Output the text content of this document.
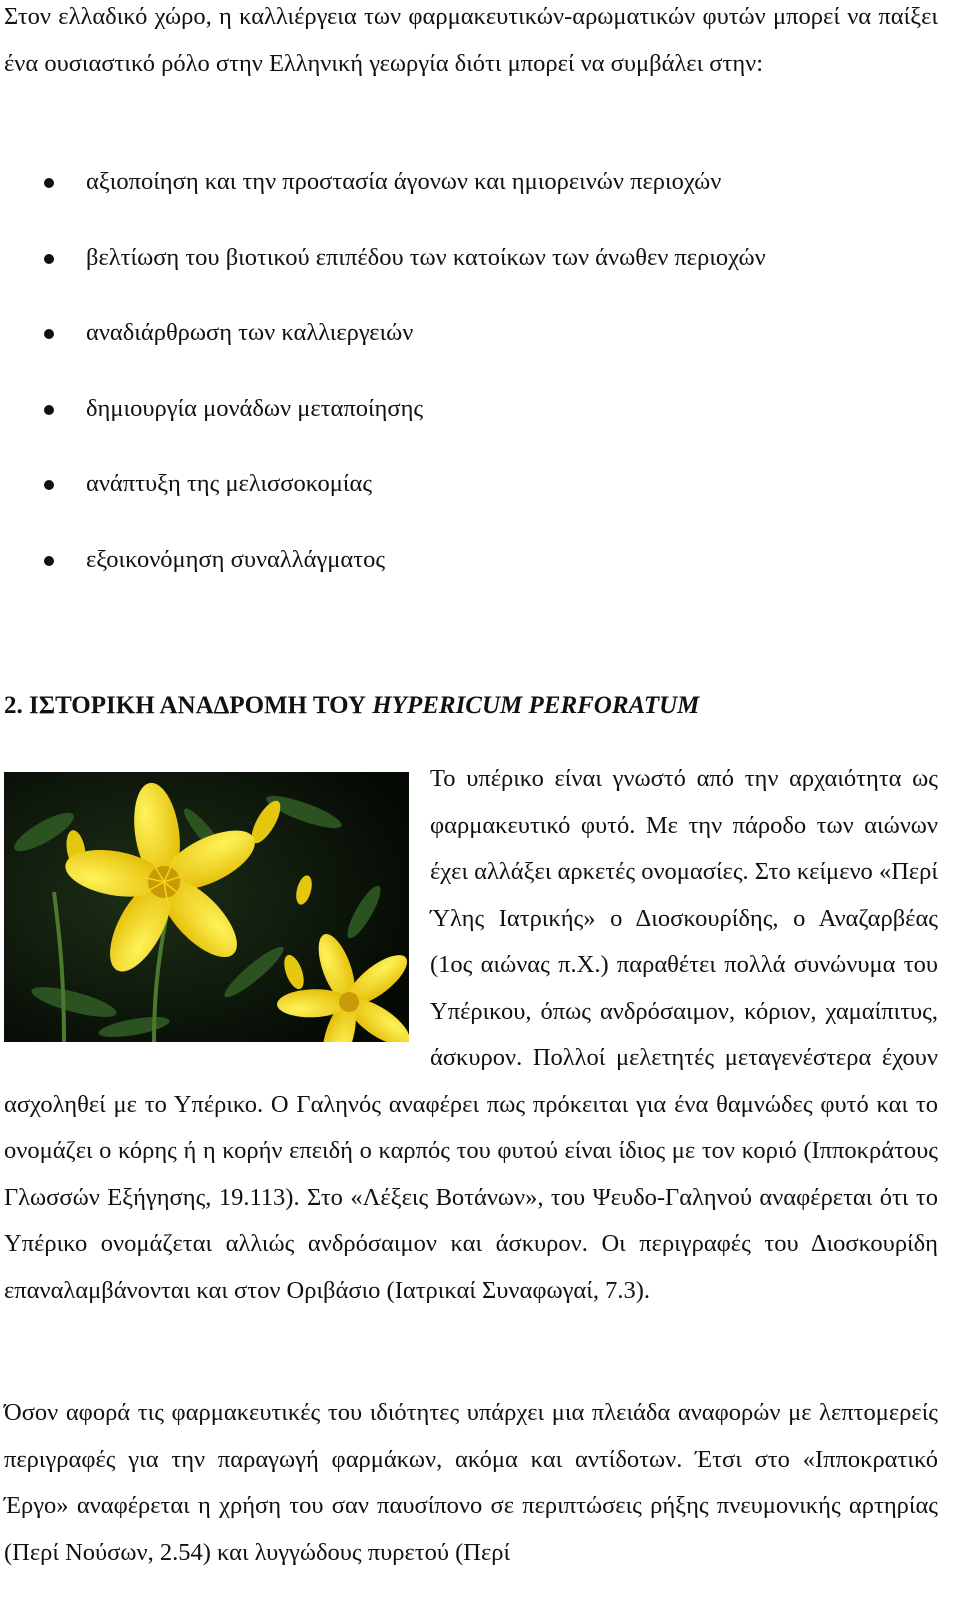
Στον ελλαδικό χώρο, η καλλιέργεια των φαρμακευτικών-αρωματικών φυτών μπορεί να παίξει ένα ουσιαστικό ρόλο στην Ελληνική γεωργία διότι μπορεί να συμβάλει στην:

αξιοποίηση και την προστασία άγονων και ημιορεινών περιοχών
βελτίωση του βιοτικού επιπέδου των κατοίκων των άνωθεν περιοχών
αναδιάρθρωση των καλλιεργειών
δημιουργία μονάδων μεταποίησης
ανάπτυξη της μελισσοκομίας
εξοικονόμηση συναλλάγματος
2. ΙΣΤΟΡΙΚΗ ΑΝΑΔΡΟΜΗ ΤΟΥ HYPERICUM PERFORATUM

Το υπέρικο είναι γνωστό από την αρχαιότητα ως φαρμακευτικό φυτό. Με την πάροδο των αιώνων έχει αλλάξει αρκετές ονομασίες. Στο κείμενο «Περί Ύλης Ιατρικής» ο Διοσκουρίδης, ο Αναζαρβέας (1ος αιώνας π.Χ.) παραθέτει πολλά συνώνυμα του Υπέρικου, όπως ανδρόσαιμον, κόριον, χαμαίπιτυς, άσκυρον. Πολλοί μελετητές μεταγενέστερα έχουν ασχοληθεί με το Υπέρικο. Ο Γαληνός αναφέρει πως πρόκειται για ένα θαμνώδες φυτό και το ονομάζει ο κόρης ή η κορήν επειδή ο καρπός του φυτού είναι ίδιος με τον κοριό (Ιπποκράτους Γλωσσών Εξήγησης, 19.113). Στο «Λέξεις Βοτάνων», του Ψευδο-Γαληνού αναφέρεται ότι το Υπέρικο ονομάζεται αλλιώς ανδρόσαιμον και άσκυρον. Οι περιγραφές του Διοσκουρίδη επαναλαμβάνονται και στον Οριβάσιο (Ιατρικαί Συναφωγαί, 7.3).

Όσον αφορά τις φαρμακευτικές του ιδιότητες υπάρχει μια πλειάδα αναφορών με λεπτομερείς περιγραφές για την παραγωγή φαρμάκων, ακόμα και αντίδοτων. Έτσι στο «Ιπποκρατικό Έργο» αναφέρεται η χρήση του σαν παυσίπονο σε περιπτώσεις ρήξης πνευμονικής αρτηρίας (Περί Νούσων, 2.54) και λυγγώδους πυρετού (Περί
